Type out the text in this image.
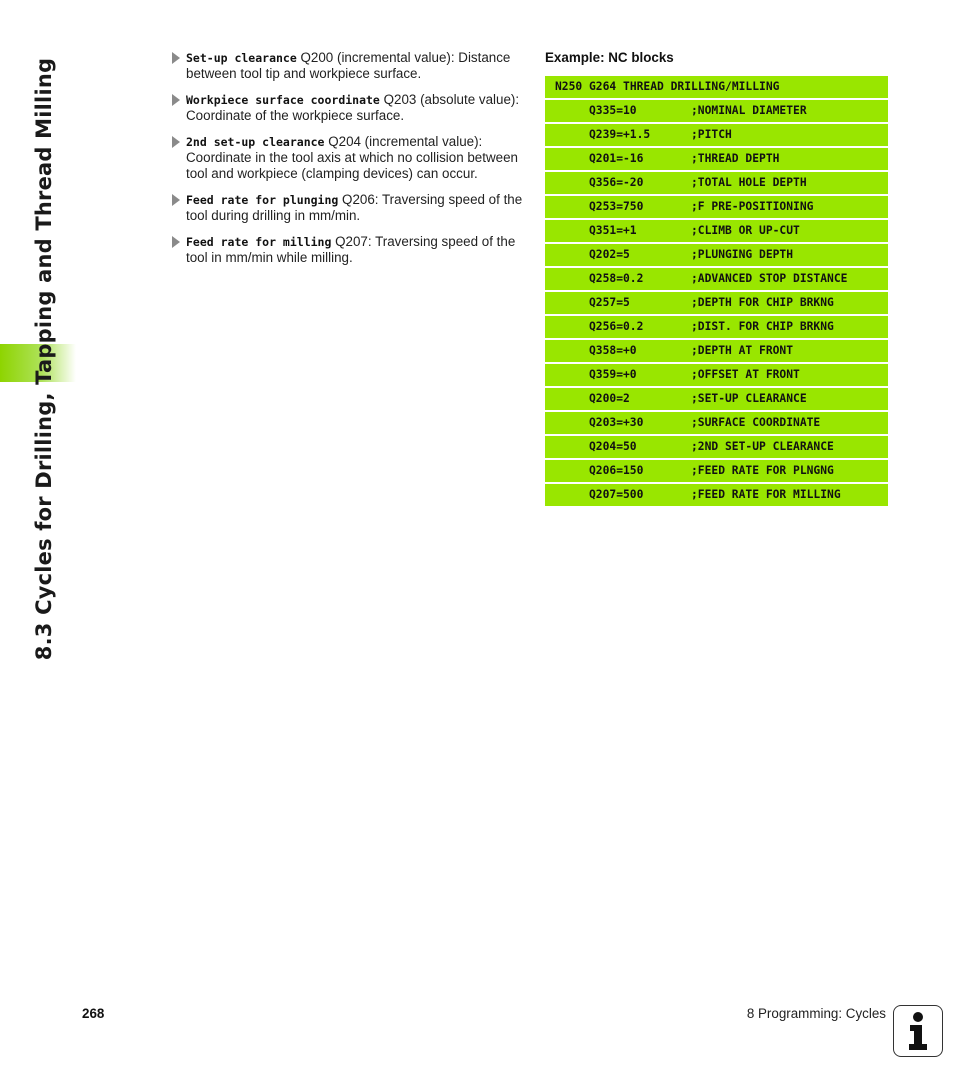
8.3 Cycles for Drilling, Tapping and Thread Milling	Set-up clearance Q200 (incremental value): Distance between tool tip and workpiece surface.
Workpiece surface coordinate Q203 (absolute value): Coordinate of the workpiece surface.
2nd set-up clearance Q204 (incremental value): Coordinate in the tool axis at which no collision between tool and workpiece (clamping devices) can occur.
Feed rate for plunging Q206: Traversing speed of the tool during drilling in mm/min.
Feed rate for milling Q207: Traversing speed of the tool in mm/min while milling.
Example: NC blocks
N250 G264 THREAD DRILLING/MILLING
Q335=10	;NOMINAL DIAMETER
Q239=+1.5	;PITCH
Q201=-16	;THREAD DEPTH
Q356=-20	;TOTAL HOLE DEPTH
Q253=750	;F PRE-POSITIONING
Q351=+1	;CLIMB OR UP-CUT
Q202=5	;PLUNGING DEPTH
Q258=0.2	;ADVANCED STOP DISTANCE
Q257=5	;DEPTH FOR CHIP BRKNG
Q256=0.2	;DIST. FOR CHIP BRKNG
Q358=+0	;DEPTH AT FRONT
Q359=+0	;OFFSET AT FRONT
Q200=2	;SET-UP CLEARANCE
Q203=+30	;SURFACE COORDINATE
Q204=50	;2ND SET-UP CLEARANCE
Q206=150	;FEED RATE FOR PLNGNG
Q207=500	;FEED RATE FOR MILLING
268	8 Programming: Cycles
